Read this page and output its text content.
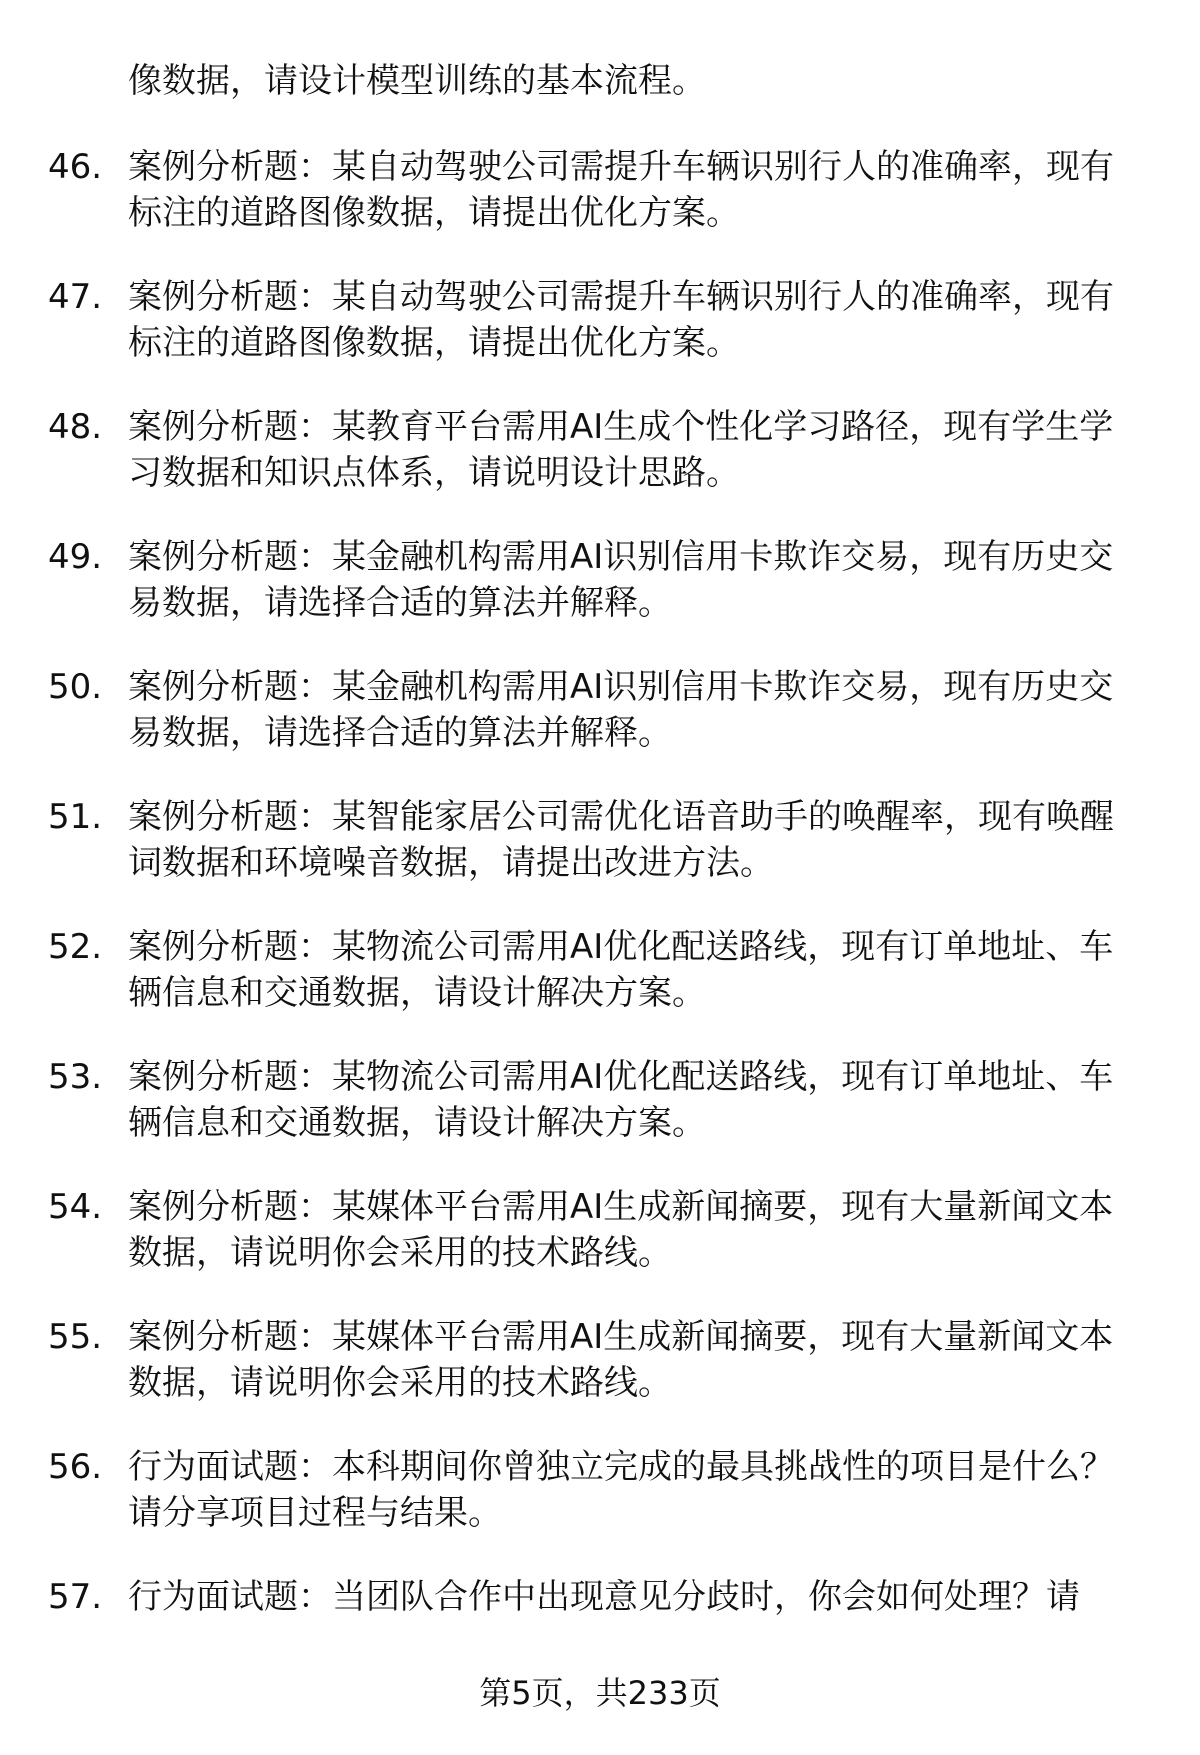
像数据，请设计模型训练的基本流程。
46. 案例分析题：某自动驾驶公司需提升车辆识别行人的准确率，现有标注的道路图像数据，请提出优化方案。
47. 案例分析题：某自动驾驶公司需提升车辆识别行人的准确率，现有标注的道路图像数据，请提出优化方案。
48. 案例分析题：某教育平台需用AI生成个性化学习路径，现有学生学习数据和知识点体系，请说明设计思路。
49. 案例分析题：某金融机构需用AI识别信用卡欺诈交易，现有历史交易数据，请选择合适的算法并解释。
50. 案例分析题：某金融机构需用AI识别信用卡欺诈交易，现有历史交易数据，请选择合适的算法并解释。
51. 案例分析题：某智能家居公司需优化语音助手的唤醒率，现有唤醒词数据和环境噪音数据，请提出改进方法。
52. 案例分析题：某物流公司需用AI优化配送路线，现有订单地址、车辆信息和交通数据，请设计解决方案。
53. 案例分析题：某物流公司需用AI优化配送路线，现有订单地址、车辆信息和交通数据，请设计解决方案。
54. 案例分析题：某媒体平台需用AI生成新闻摘要，现有大量新闻文本数据，请说明你会采用的技术路线。
55. 案例分析题：某媒体平台需用AI生成新闻摘要，现有大量新闻文本数据，请说明你会采用的技术路线。
56. 行为面试题：本科期间你曾独立完成的最具挑战性的项目是什么？请分享项目过程与结果。
57. 行为面试题：当团队合作中出现意见分歧时，你会如何处理？请
第5页，共233页
